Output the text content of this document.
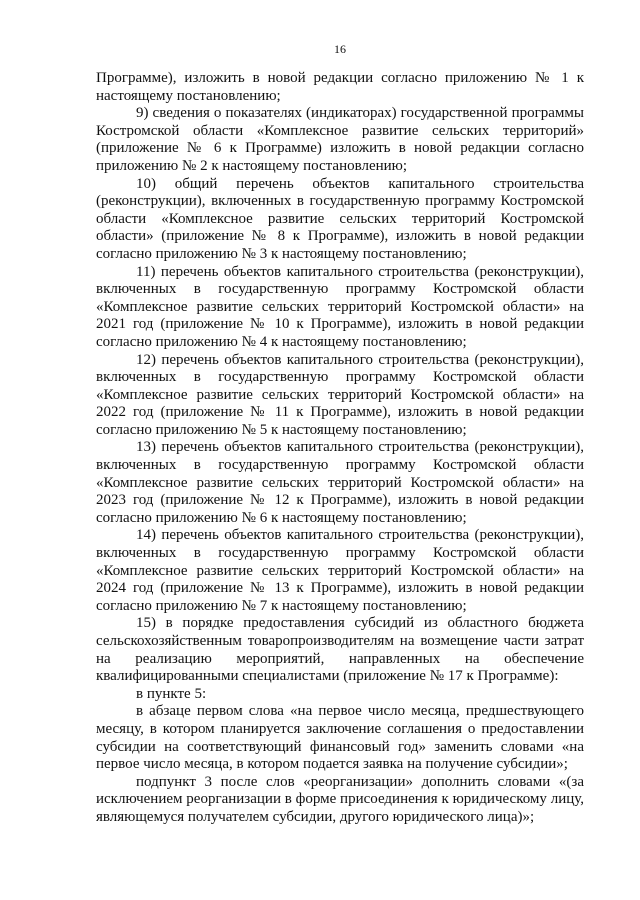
16

Программе), изложить в новой редакции согласно приложению № 1 к настоящему постановлению;

9) сведения о показателях (индикаторах) государственной программы Костромской области «Комплексное развитие сельских территорий» (приложение № 6 к Программе) изложить в новой редакции согласно приложению № 2 к настоящему постановлению;

10) общий перечень объектов капитального строительства (реконструкции), включенных в государственную программу Костромской области «Комплексное развитие сельских территорий Костромской области» (приложение № 8 к Программе), изложить в новой редакции согласно приложению № 3 к настоящему постановлению;

11) перечень объектов капитального строительства (реконструкции), включенных в государственную программу Костромской области «Комплексное развитие сельских территорий Костромской области» на 2021 год (приложение № 10 к Программе), изложить в новой редакции согласно приложению № 4 к настоящему постановлению;

12) перечень объектов капитального строительства (реконструкции), включенных в государственную программу Костромской области «Комплексное развитие сельских территорий Костромской области» на 2022 год (приложение № 11 к Программе), изложить в новой редакции согласно приложению № 5 к настоящему постановлению;

13) перечень объектов капитального строительства (реконструкции), включенных в государственную программу Костромской области «Комплексное развитие сельских территорий Костромской области» на 2023 год (приложение № 12 к Программе), изложить в новой редакции согласно приложению № 6 к настоящему постановлению;

14) перечень объектов капитального строительства (реконструкции), включенных в государственную программу Костромской области «Комплексное развитие сельских территорий Костромской области» на 2024 год (приложение № 13 к Программе), изложить в новой редакции согласно приложению № 7 к настоящему постановлению;

15) в порядке предоставления субсидий из областного бюджета сельскохозяйственным товаропроизводителям на возмещение части затрат на реализацию мероприятий, направленных на обеспечение квалифицированными специалистами (приложение № 17 к Программе):

в пункте 5:

в абзаце первом слова «на первое число месяца, предшествующего месяцу, в котором планируется заключение соглашения о предоставлении субсидии на соответствующий финансовый год» заменить словами «на первое число месяца, в котором подается заявка на получение субсидии»;

подпункт 3 после слов «реорганизации» дополнить словами «(за исключением реорганизации в форме присоединения к юридическому лицу, являющемуся получателем субсидии, другого юридического лица)»;
